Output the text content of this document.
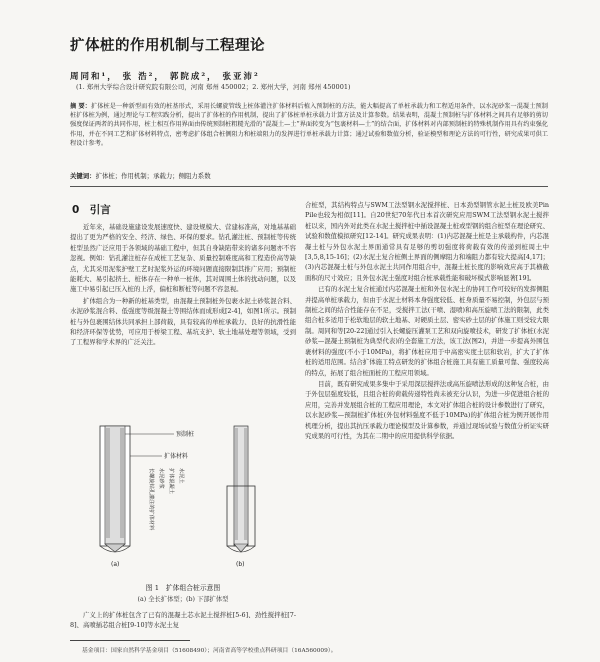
扩体桩的作用机制与工程理论
周同和¹， 张 浩²， 郭院成²， 张亚沛²
(1. 郑州大学综合设计研究院有限公司，河南 郑州 450002；2. 郑州大学，河南 郑州 450001)
摘 要：扩体桩是一种新型而有效的桩基形式，采用长螺旋管线上桩体灌注扩体材料后植入预制桩的方法，能大幅提高了单桩承载力和工程适用条件，以水泥砂浆一混凝土预制桩扩体桩为例，通过理论与工程实践分析，提出了扩体桩的作用机制，提出了扩体桩单桩承载力计算方法及计算参数。结果表明，混凝土预制桩与扩体材料之间具有足够的剪切强度保证两者的共同作用，桩土相互作用界面由传统预制桩粗糙光滑的“混凝土—土”界面转变为“包裹材料—土”的结合面，扩体材料对内部预制桩的特殊机制作用具有约束强化作用，并在不同工艺和扩体材料特点，密考虑扩体组合桩侧阻力和桩端阻力的发挥进行单桩承载力计算；通过试验和数值分析，验证模型和理论方法的可行性，研究成果可供工程设计参考。
关键词：扩体桩；作用机制；承载力；侧阻力系数
0　引言

近年来，基础设施建设发展速度快、建设规模大、营建标准高，对地基基础提出了更为严格的安全、经济、绿色、环保的要求。钻孔灌注桩、预制桩等传统桩型虽然广泛应用于各领域的基础工程中，但其自身缺陷带来的诸多问题亦不容忽视。例如：钻孔灌注桩存在成桩工艺复杂、质量控制难度高和工程造价高等缺点，尤其采用泥浆护壁工艺时泥浆外运的环境问题直接限制其推广应用；预制桩能耗大、易引起挤土、桩体存在一种单一桩体，其对周围土体的扰动问题，以及施工中易引起已压入桩的上浮，偏桩和断桩等问题不容忽视。

扩体组合为一种新的桩基类型，由混凝土预制桩外包裹水泥土砂浆混合料、水泥砂浆混合料、低强度等级混凝土等围结体而成形成[2-4]，如图1所示。预制桩与外包裹围结体共同承担上部荷载，具有较高的单桩承载力、良好的抗滑性能和经济环保等优势，可应用于桥梁工程、基坑支护、软土地基处理等领域，受到了工程界和学术界的广泛关注。

预制桩
扩体材料
长螺旋钻孔灌注的扩体材料 水泥砂浆 扩体混凝土 水泥土
(a)	(b)
图 1　扩体组合桩示意图
(a) 全长扩体型；(b) 下部扩体型
广义上的扩体桩包含了已有的混凝土芯水泥土搅拌桩[5-6]、劲性搅拌桩[7-8]、高喷插芯组合桩[9-10]等水泥土复

合桩型，其结构特点与SWM工法型钢水泥搅拌桩、日本劲型钢管水泥土桩及欧美Pin Pile也较为相似[11]。自20世纪70年代日本首次研究应用SWM工法型钢水泥土搅拌桩以来，国内外对此类在水泥土搅拌桩中插设混凝土桩或型钢的组合桩型在理论研究、试验和数值模拟研究[12-14]。研究成果表明：(1)内芯混凝土桩是主承载构件，内芯混凝土桩与外包水泥土界面通常具有足够的剪切强度将荷载有效的传递到桩周土中[3,5,8,15-16]；(2)水泥土复合桩侧土界面的侧摩阻力和端阻力都有较大提高[4,17]；(3)内芯混凝土桩与外包水泥土共同作用组合中，混凝土桩长度的影响效应高于其横截面积的尺寸效应；且外包水泥土强度对组合桩承载性能和破坏模式影响显著[19]。

已有的水泥土复合桩通过内芯混凝土桩和外包水泥土的协同工作可较好的发挥侧阻并提高单桩承载力，但由于水泥土材料本身强度较低、桩身质量不易控制，外包层与预制桩之间的结合性能存在不足，受搅拌工法(干喷、湿喷)和高压旋喷工法的限制，此类组合桩多适用于松软地层的软土地基、对硬质土层、密实砂土层的扩体施工则受较大限制。周同和等[20-22]通过引入长螺旋压灌泵工艺和双向旋喷技术，研发了扩体桩(水泥砂浆—混凝土预制桩为典型代表)的全套施工方法，该工法(图2)，并进一步提高外围包裹材料的强度(不小于10MPa)，将扩体桩应用于中高密实度土层和软岩，扩大了扩体桩的适用范围。结合扩体施工特点研发的扩体组合桩施工具有施工质量可靠、强度较高的特点，拓展了组合桩面桩的工程应用领域。

目前，既有研究成果多集中于采用深层搅拌法或高压旋喷法形成的这种复合桩，由于外包层强度较低，且组合桩的荷载传递特性尚未被充分认识，为进一步促进组合桩的应用，完善并发展组合桩的工程应用理论，本文对扩体组合桩的设计参数进行了研究，以水泥砂浆—预制桩扩体桩(外包材料强度不低于10MPa)的扩体组合桩为例开展作用机理分析，提出其抗压承载力理论模型及计算参数，并通过现场试验与数值分析证实研究成果的可行性，为其在二期中的应用提供科学依据。

基金项目：国家自然科学基金项目（51608490）；河南省高等学校重点科研项目（16A560009）。
